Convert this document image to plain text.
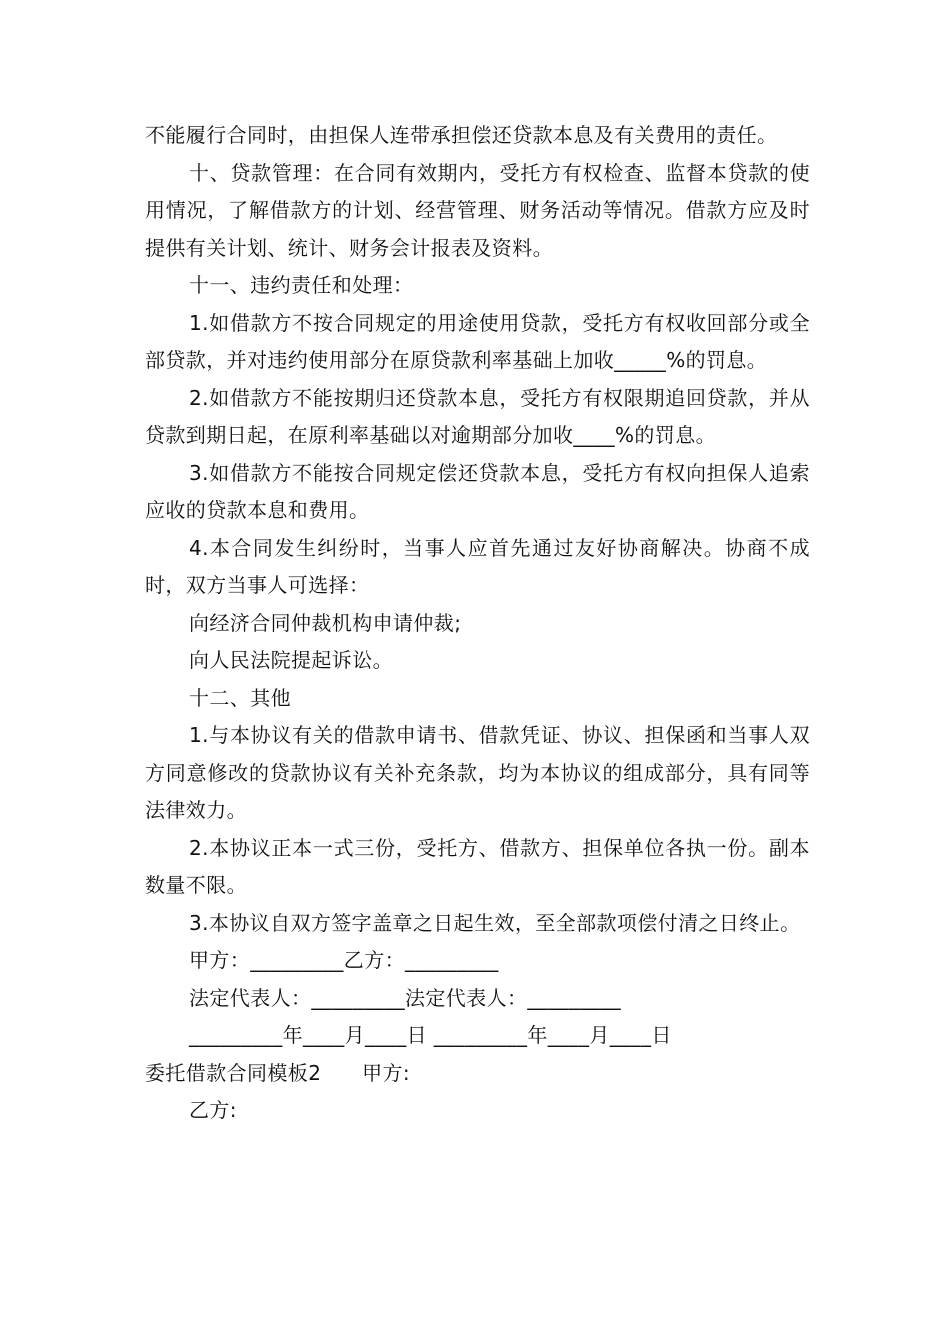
不能履行合同时，由担保人连带承担偿还贷款本息及有关费用的责任。

十、贷款管理：在合同有效期内，受托方有权检查、监督本贷款的使用情况，了解借款方的计划、经营管理、财务活动等情况。借款方应及时提供有关计划、统计、财务会计报表及资料。

十一、违约责任和处理：

1.如借款方不按合同规定的用途使用贷款，受托方有权收回部分或全部贷款，并对违约使用部分在原贷款利率基础上加收_____%的罚息。

2.如借款方不能按期归还贷款本息，受托方有权限期追回贷款，并从贷款到期日起，在原利率基础以对逾期部分加收____%的罚息。

3.如借款方不能按合同规定偿还贷款本息，受托方有权向担保人追索应收的贷款本息和费用。

4.本合同发生纠纷时，当事人应首先通过友好协商解决。协商不成时，双方当事人可选择：

向经济合同仲裁机构申请仲裁;

向人民法院提起诉讼。

十二、其他

1.与本协议有关的借款申请书、借款凭证、协议、担保函和当事人双方同意修改的贷款协议有关补充条款，均为本协议的组成部分，具有同等法律效力。

2.本协议正本一式三份，受托方、借款方、担保单位各执一份。副本数量不限。

3.本协议自双方签字盖章之日起生效，至全部款项偿付清之日终止。

甲方：_________乙方：_________

法定代表人：_________法定代表人：_________

_________年____月____日 _________年____月____日

委托借款合同模板2　　甲方:

乙方:
